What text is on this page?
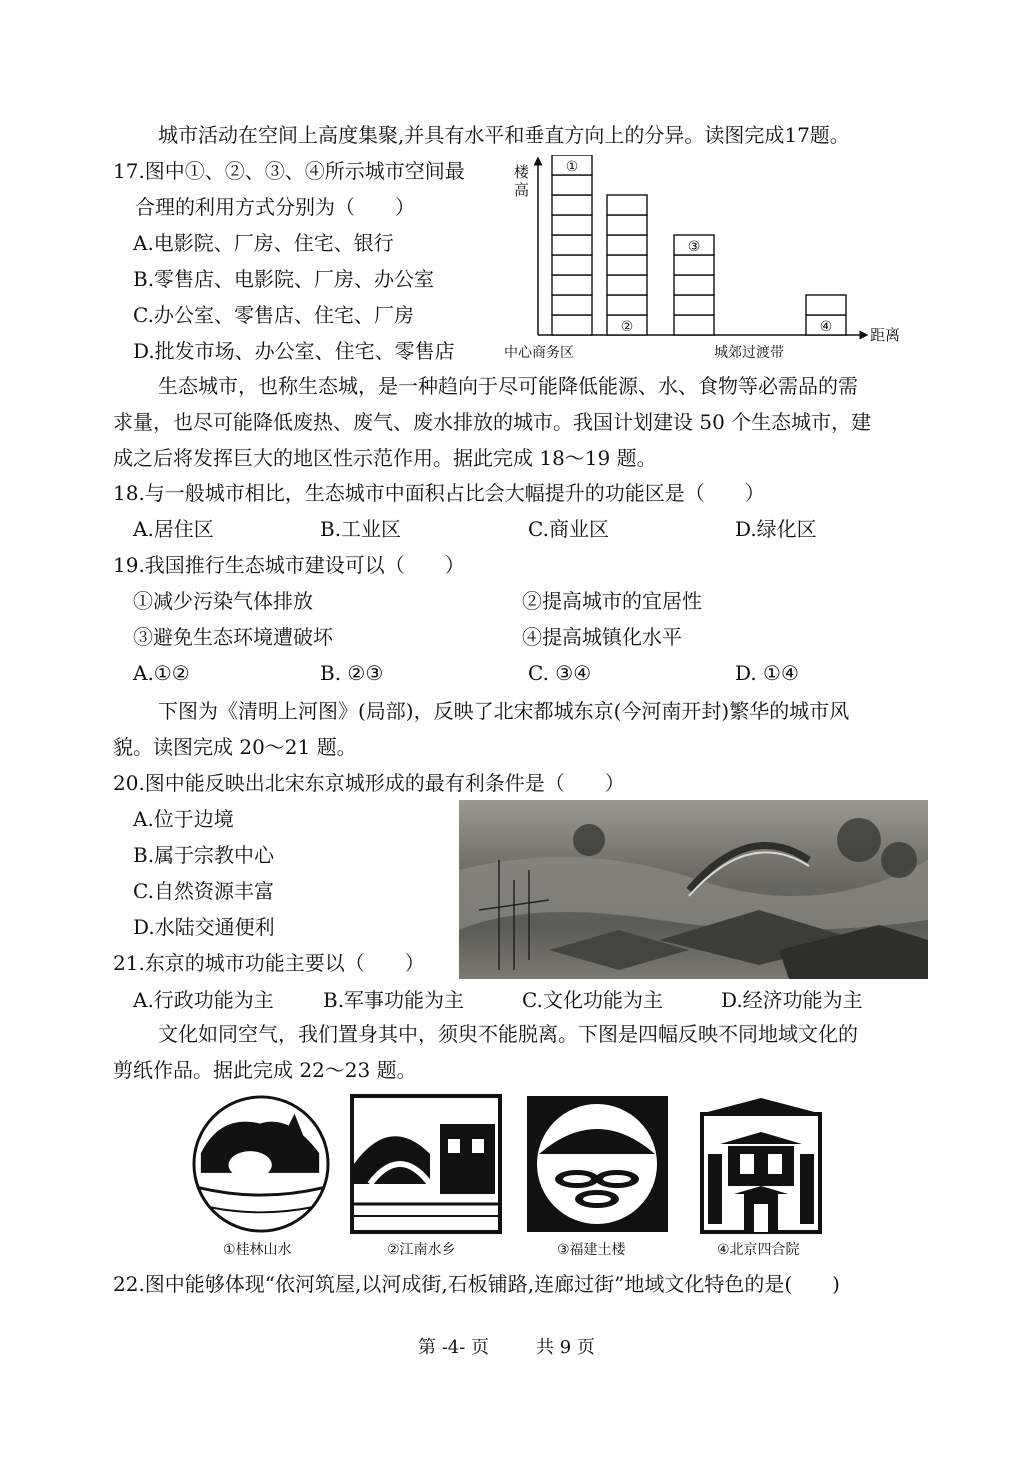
城市活动在空间上高度集聚,并具有水平和垂直方向上的分异。读图完成17题。
17.图中①、②、③、④所示城市空间最
合理的利用方式分别为（　　）
A.电影院、厂房、住宅、银行
B.零售店、电影院、厂房、办公室
C.办公室、零售店、住宅、厂房
D.批发市场、办公室、住宅、零售店
楼
高
距离
①
②
③
④
中心商务区	城郊过渡带
生态城市，也称生态城，是一种趋向于尽可能降低能源、水、食物等必需品的需
求量，也尽可能降低废热、废气、废水排放的城市。我国计划建设 50 个生态城市，建
成之后将发挥巨大的地区性示范作用。据此完成 18～19 题。
18.与一般城市相比，生态城市中面积占比会大幅提升的功能区是（　　）
A.居住区	B.工业区	C.商业区	D.绿化区
19.我国推行生态城市建设可以（　　）
①减少污染气体排放	②提高城市的宜居性
③避免生态环境遭破坏	④提高城镇化水平
A.①②	B. ②③	C. ③④	D. ①④
下图为《清明上河图》(局部)，反映了北宋都城东京(今河南开封)繁华的城市风
貌。读图完成 20～21 题。
20.图中能反映出北宋东京城形成的最有利条件是（　　）
A.位于边境
B.属于宗教中心
C.自然资源丰富
D.水陆交通便利
21.东京的城市功能主要以（　　）
A.行政功能为主 B.军事功能为主	C.文化功能为主	D.经济功能为主
文化如同空气，我们置身其中，须臾不能脱离。下图是四幅反映不同地域文化的
剪纸作品。据此完成 22～23 题。
①桂林山水	②江南水乡	③福建土楼	④北京四合院
22.图中能够体现“依河筑屋,以河成街,石板铺路,连廊过街”地域文化特色的是(　　)
第 -4- 页	共 9 页
